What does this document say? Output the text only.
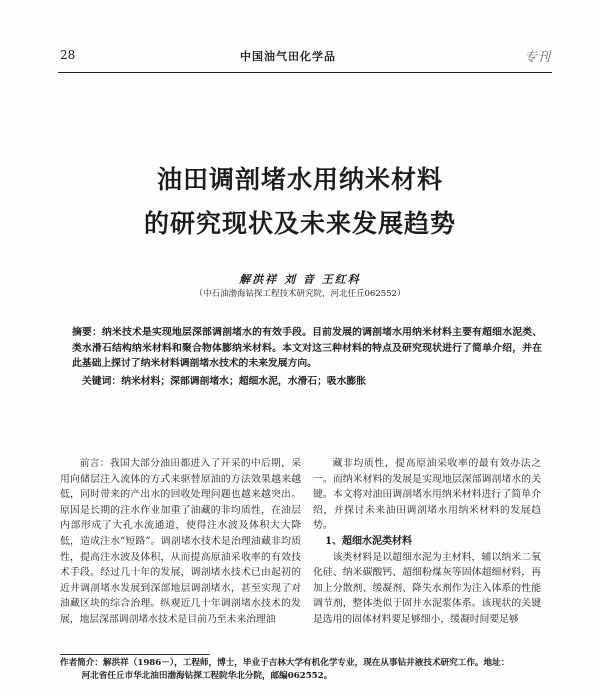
28	中国油气田化学品	专刊
油田调剖堵水用纳米材料
的研究现状及未来发展趋势
解洪祥 刘 音 王红科
（中石油渤海钻探工程技术研究院，河北任丘062552）
摘要：纳米技术是实现地层深部调剖堵水的有效手段。目前发展的调剖堵水用纳米材料主要有超细水泥类、类水滑石结构纳米材料和聚合物体膨纳米材料。本文对这三种材料的特点及研究现状进行了简单介绍，并在此基础上探讨了纳米材料调剖堵水技术的未来发展方向。
关键词：纳米材料；深部调剖堵水；超细水泥，水滑石；吸水膨胀

前言：我国大部分油田都进入了开采的中后期，采用向储层注入流体的方式来驱替原油的方法效果越来越低，同时带来的产出水的回收处理问题也越来越突出。原因是长期的注水作业加重了油藏的非均质性，在油层内部形成了大孔水流通道，使得注水波及体积大大降低，造成注水“短路”。调剖堵水技术是治理油藏非均质性，提高注水波及体积，从而提高原油采收率的有效技术手段。经过几十年的发展，调剖堵水技术已由起初的近井调剖堵水发展到深部地层调剖堵水，甚至实现了对油藏区块的综合治理。纵观近几十年调剖堵水技术的发展，地层深部调剖堵水技术是目前乃至未来治理油

藏非均质性，提高原油采收率的最有效办法之一。而纳米材料的发展是实现地层深部调剖堵水的关键。本文将对油田调剖堵水用纳米材料进行了简单介绍，并探讨未来油田调剖堵水用纳米材料的发展趋势。

1、超细水泥类材料

该类材料是以超细水泥为主材料，辅以纳米二氧化硅、纳米碳酸钙、超细粉煤灰等固体超细材料，再加上分散剂、缓凝剂、降失水剂作为注入体系的性能调节剂，整体类似于固井水泥浆体系。该现状的关键是选用的固体材料要足够细小，缓凝时间要足够

作者简介：解洪祥（1986－），工程师，博士，毕业于吉林大学有机化学专业，现在从事钻井液技术研究工作。地址：
河北省任丘市华北油田渤海钻探工程院华北分院，邮编062552。
